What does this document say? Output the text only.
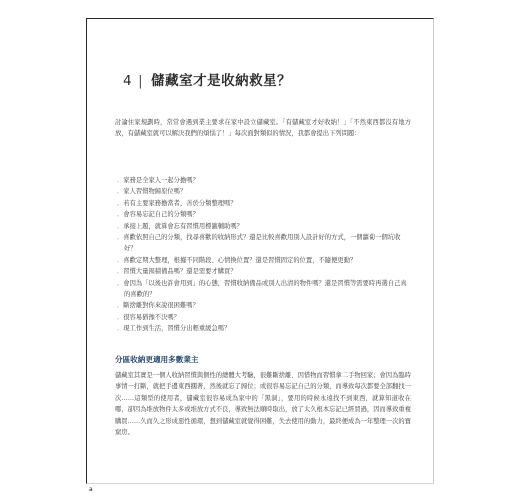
4 | 儲藏室才是收納救星？

討論住家規劃時，常常會遇到業主要求在家中設立儲藏室。「有儲藏室才好收納！」「不然東西都沒有地方放，有儲藏室就可以解決我們的煩惱了！」每次面對類似的情況，我都會提出下列問題：

．家務是全家人一起分擔嗎？
．家人習慣物歸原位嗎？
．若有主要家務擔當者，善於分類整理嗎？
．會容易忘記自己的分類嗎？
．承接上題，就算會忘有習慣用標籤輔助嗎？
．喜歡依照自己的分類，找尋喜歡的收納形式？還是比較喜歡用別人設計好的方式，一個蘿蔔一個坑收好？
．喜歡定期大整理，根據不同階段、心情換位置？還是習慣固定的位置，不隨便更動？
．習慣大量囤積備品嗎？還是需要才購買？
．會因為「以後也許會用到」的心態，習慣收納備品或別人出清的物件嗎？還是習慣等需要時再選自己真的喜歡的？
．斷捨離對你來說很困難嗎？
．很容易猶豫不決嗎？
．現工作到生活，習慣分出輕重緩急嗎？
分區收納更適用多數業主

儲藏室其實是一個人收納習慣與個性的總體大考驗，很難斷捨離、因惜物而習慣拿二手物回家；會因為臨時事情一打斷，就把手邊東西擱著，然後就忘了歸位；或很容易忘記自己的分類，而導致每次都要全部翻找一次……這類型的使用者，儲藏室很容易成為家中的「黑洞」，要用的時候永遠找不到東西，就算知道收在哪，卻因為堆放物件太多或堆放方式不良，導致無法順時取出，放了太久根本忘記已經買過，因而導致重複購買……久而久之形成惡性循環，想到儲藏室就覺得困難，失去使用的動力，最終便成為一年整理一次的寶窟房。

a
